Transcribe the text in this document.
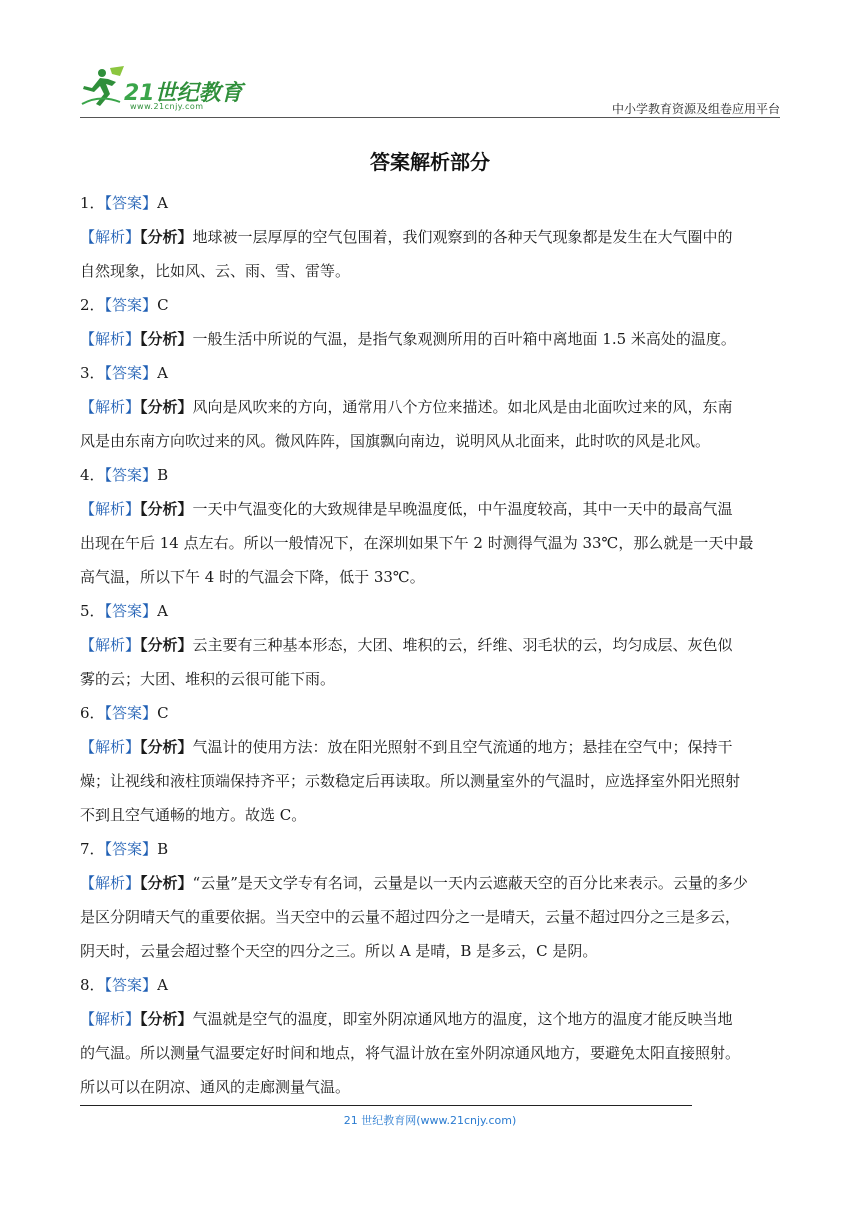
21世纪教育
www.21cnjy.com	中小学教育资源及组卷应用平台
答案解析部分
1．【答案】A
【解析】【分析】地球被一层厚厚的空气包围着，我们观察到的各种天气现象都是发生在大气圈中的
自然现象，比如风、云、雨、雪、雷等。
2．【答案】C
【解析】【分析】一般生活中所说的气温，是指气象观测所用的百叶箱中离地面 1.5 米高处的温度。
3．【答案】A
【解析】【分析】风向是风吹来的方向，通常用八个方位来描述。如北风是由北面吹过来的风，东南
风是由东南方向吹过来的风。微风阵阵，国旗飘向南边，说明风从北面来，此时吹的风是北风。
4．【答案】B
【解析】【分析】一天中气温变化的大致规律是早晚温度低，中午温度较高，其中一天中的最高气温
出现在午后 14 点左右。所以一般情况下，在深圳如果下午 2 时测得气温为 33℃，那么就是一天中最
高气温，所以下午 4 时的气温会下降，低于 33℃。
5．【答案】A
【解析】【分析】云主要有三种基本形态，大团、堆积的云，纤维、羽毛状的云，均匀成层、灰色似
雾的云；大团、堆积的云很可能下雨。
6．【答案】C
【解析】【分析】气温计的使用方法：放在阳光照射不到且空气流通的地方；悬挂在空气中；保持干
燥；让视线和液柱顶端保持齐平；示数稳定后再读取。所以测量室外的气温时，应选择室外阳光照射
不到且空气通畅的地方。故选 C。
7．【答案】B
【解析】【分析】“云量”是天文学专有名词，云量是以一天内云遮蔽天空的百分比来表示。云量的多少
是区分阴晴天气的重要依据。当天空中的云量不超过四分之一是晴天，云量不超过四分之三是多云，
阴天时，云量会超过整个天空的四分之三。所以 A 是晴，B 是多云，C 是阴。
8．【答案】A
【解析】【分析】气温就是空气的温度，即室外阴凉通风地方的温度，这个地方的温度才能反映当地
的气温。所以测量气温要定好时间和地点，将气温计放在室外阴凉通风地方，要避免太阳直接照射。
所以可以在阴凉、通风的走廊测量气温。
21 世纪教育网(www.21cnjy.com)
